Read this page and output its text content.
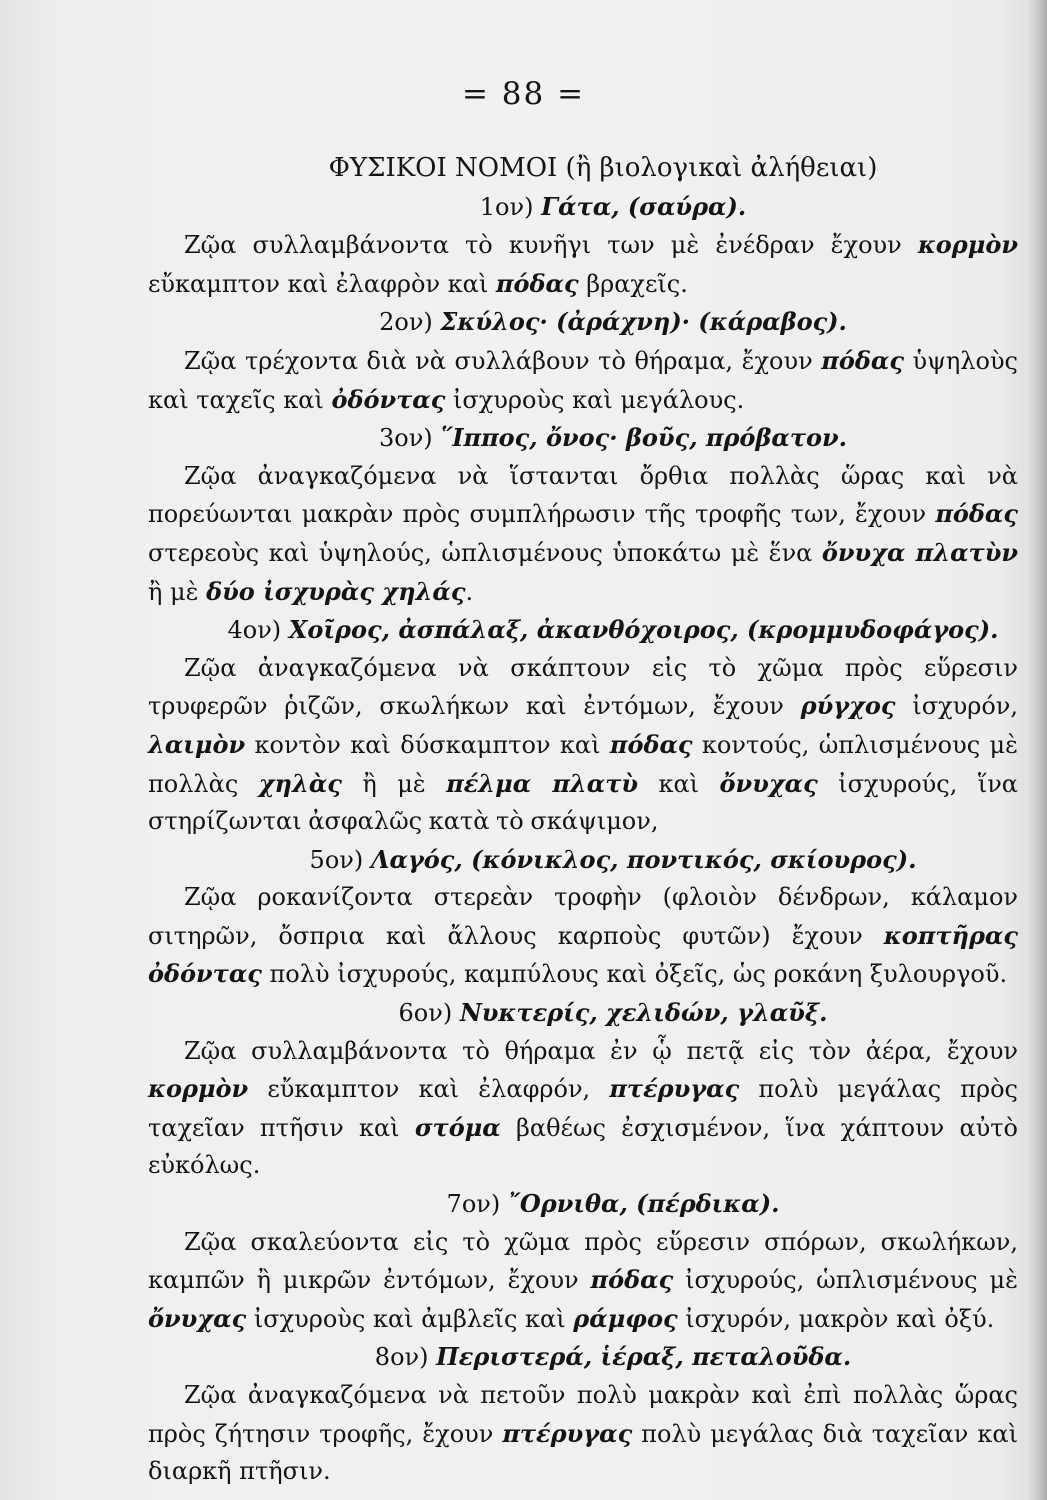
= 88 =
ΦΥΣΙΚΟΙ ΝΟΜΟΙ (ἢ βιολογικαὶ ἀλήθειαι)
1ον) Γάτα, (σαύρα).
Ζῷα συλλαμβάνοντα τὸ κυνῆγι των μὲ ἐνέδραν ἔχουν κορμὸν εὔκαμπτον καὶ ἐλαφρὸν καὶ πόδας βραχεῖς.
2ον) Σκύλος· (ἀράχνη)· (κάραβος).
Ζῷα τρέχοντα διὰ νὰ συλλάβουν τὸ θήραμα, ἔχουν πόδας ὑψηλοὺς καὶ ταχεῖς καὶ ὀδόντας ἰσχυροὺς καὶ μεγάλους.
3ον) ῞Ιππος, ὄνος· βοῦς, πρόβατον.
Ζῷα ἀναγκαζόμενα νὰ ἵστανται ὄρθια πολλὰς ὥρας καὶ νὰ πορεύωνται μακρὰν πρὸς συμπλήρωσιν τῆς τροφῆς των, ἔχουν πόδας στερεοὺς καὶ ὑψηλούς, ὡπλισμένους ὑποκάτω μὲ ἕνα ὄνυχα πλατὺν ἢ μὲ δύο ἰσχυρὰς χηλάς.
4ον) Χοῖρος, ἀσπάλαξ, ἀκανθόχοιρος, (κρομμυδοφάγος).
Ζῷα ἀναγκαζόμενα νὰ σκάπτουν εἰς τὸ χῶμα πρὸς εὕρεσιν τρυφερῶν ῥιζῶν, σκωλήκων καὶ ἐντόμων, ἔχουν ρύγχος ἰσχυρόν, λαιμὸν κοντὸν καὶ δύσκαμπτον καὶ πόδας κοντούς, ὡπλισμένους μὲ πολλὰς χηλὰς ἢ μὲ πέλμα πλατὺ καὶ ὄνυχας ἰσχυρούς, ἵνα στηρίζωνται ἀσφαλῶς κατὰ τὸ σκάψιμον,
5ον) Λαγός, (κόνικλος, ποντικός, σκίουρος).
Ζῷα ροκανίζοντα στερεὰν τροφὴν (φλοιὸν δένδρων, κάλαμον σιτηρῶν, ὄσπρια καὶ ἄλλους καρποὺς φυτῶν) ἔχουν κοπτῆρας ὀδόντας πολὺ ἰσχυρούς, καμπύλους καὶ ὀξεῖς, ὡς ροκάνη ξυλουργοῦ.
6ον) Νυκτερίς, χελιδών, γλαῦξ.
Ζῷα συλλαμβάνοντα τὸ θήραμα ἐν ᾧ πετᾷ εἰς τὸν ἀέρα, ἔχουν κορμὸν εὔκαμπτον καὶ ἐλαφρόν, πτέρυγας πολὺ μεγάλας πρὸς ταχεῖαν πτῆσιν καὶ στόμα βαθέως ἐσχισμένον, ἵνα χάπτουν αὐτὸ εὐκόλως.
7ον) ῎Ορνιθα, (πέρδικα).
Ζῷα σκαλεύοντα εἰς τὸ χῶμα πρὸς εὕρεσιν σπόρων, σκωλήκων, καμπῶν ἢ μικρῶν ἐντόμων, ἔχουν πόδας ἰσχυρούς, ὡπλισμένους μὲ ὄνυχας ἰσχυροὺς καὶ ἀμβλεῖς καὶ ράμφος ἰσχυρόν, μακρὸν καὶ ὀξύ.
8ον) Περιστερά, ἱέραξ, πεταλοῦδα.
Ζῷα ἀναγκαζόμενα νὰ πετοῦν πολὺ μακρὰν καὶ ἐπὶ πολλὰς ὥρας πρὸς ζήτησιν τροφῆς, ἔχουν πτέρυγας πολὺ μεγάλας διὰ ταχεῖαν καὶ διαρκῆ πτῆσιν.
